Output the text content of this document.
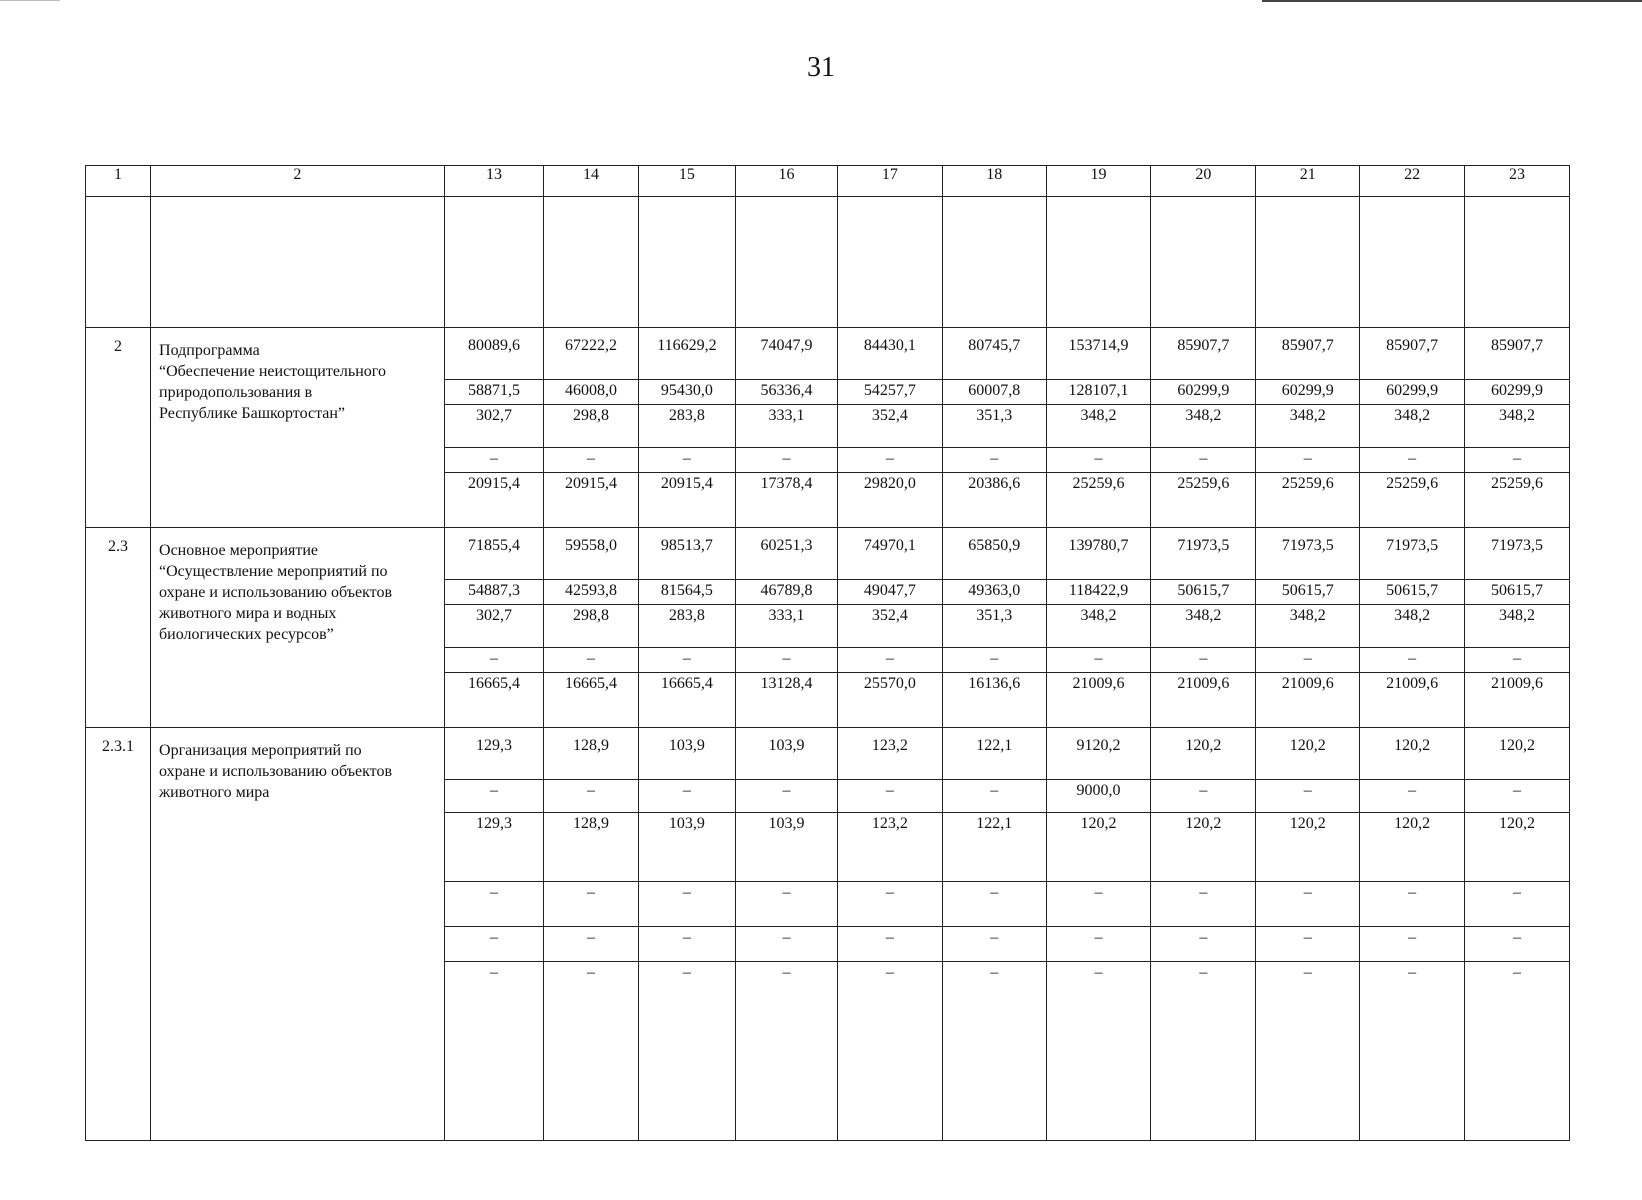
31
1	2	13	14	15	16	17	18	19	20	21	22	23

2	Подпрограмма
“Обеспечение неистощительного
природопользования в
Республике Башкортостан”	80089,6	67222,2	116629,2	74047,9	84430,1	80745,7	153714,9	85907,7	85907,7	85907,7	85907,7
		58871,5	46008,0	95430,0	56336,4	54257,7	60007,8	128107,1	60299,9	60299,9	60299,9	60299,9
		302,7	298,8	283,8	333,1	352,4	351,3	348,2	348,2	348,2	348,2	348,2
		–	–	–	–	–	–	–	–	–	–	–
		20915,4	20915,4	20915,4	17378,4	29820,0	20386,6	25259,6	25259,6	25259,6	25259,6	25259,6
2.3	Основное мероприятие
“Осуществление мероприятий по
охране и использованию объектов
животного мира и водных
биологических ресурсов”	71855,4	59558,0	98513,7	60251,3	74970,1	65850,9	139780,7	71973,5	71973,5	71973,5	71973,5
		54887,3	42593,8	81564,5	46789,8	49047,7	49363,0	118422,9	50615,7	50615,7	50615,7	50615,7
		302,7	298,8	283,8	333,1	352,4	351,3	348,2	348,2	348,2	348,2	348,2
		–	–	–	–	–	–	–	–	–	–	–
		16665,4	16665,4	16665,4	13128,4	25570,0	16136,6	21009,6	21009,6	21009,6	21009,6	21009,6
2.3.1	Организация мероприятий по
охране и использованию объектов
животного мира	129,3	128,9	103,9	103,9	123,2	122,1	9120,2	120,2	120,2	120,2	120,2
		–	–	–	–	–	–	9000,0	–	–	–	–
		129,3	128,9	103,9	103,9	123,2	122,1	120,2	120,2	120,2	120,2	120,2
		–	–	–	–	–	–	–	–	–	–	–
		–	–	–	–	–	–	–	–	–	–	–
		–	–	–	–	–	–	–	–	–	–	–
